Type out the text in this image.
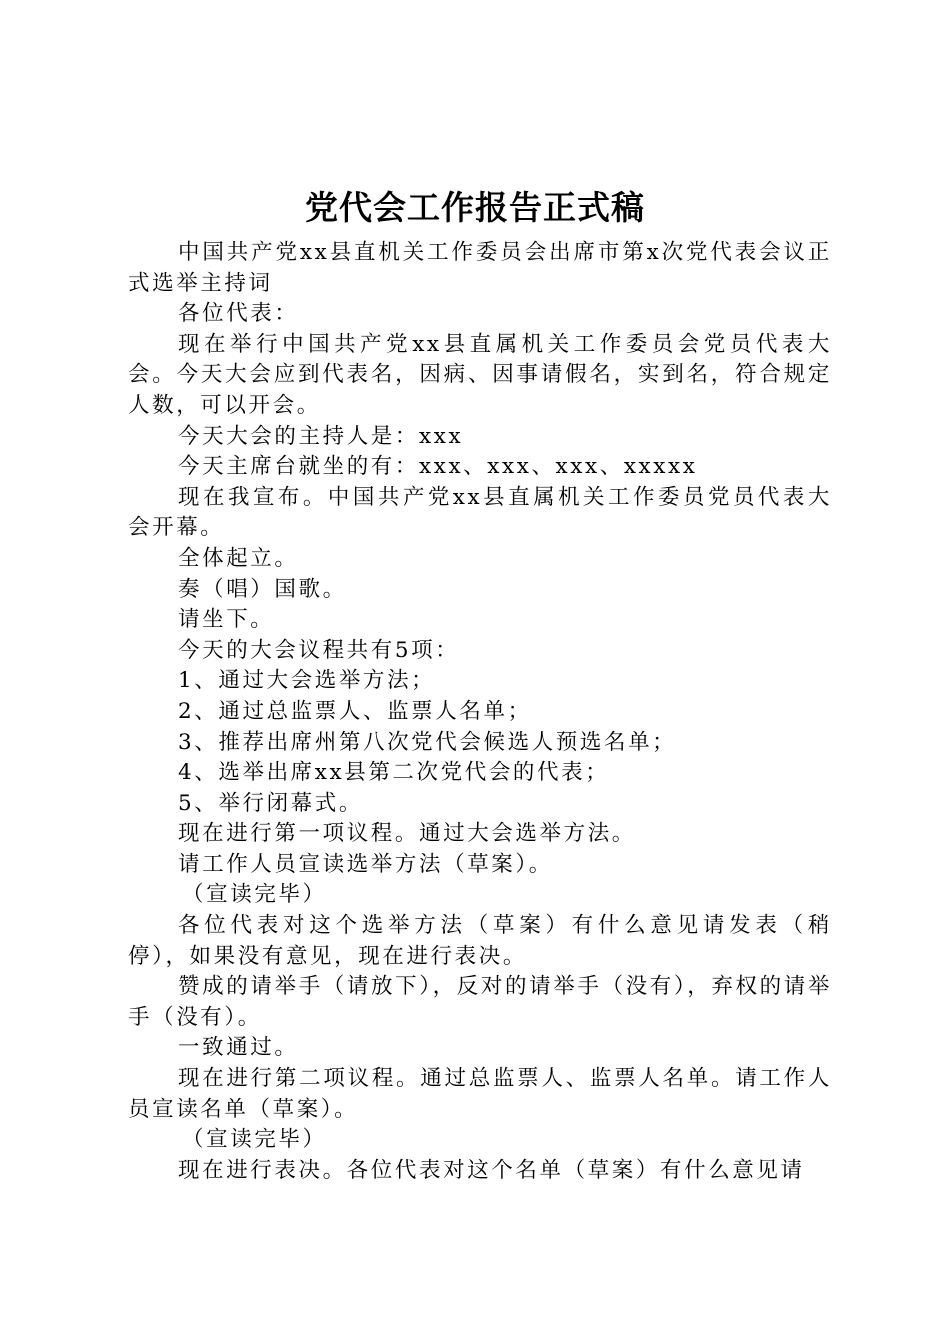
党代会工作报告正式稿

中国共产党xx县直机关工作委员会出席市第x次党代表会议正式选举主持词

各位代表：

现在举行中国共产党xx县直属机关工作委员会党员代表大会。今天大会应到代表名，因病、因事请假名，实到名，符合规定人数，可以开会。

今天大会的主持人是：xxx

今天主席台就坐的有：xxx、xxx、xxx、xxxxx

现在我宣布。中国共产党xx县直属机关工作委员党员代表大会开幕。

全体起立。

奏（唱）国歌。

请坐下。

今天的大会议程共有5项：

1、通过大会选举方法；

2、通过总监票人、监票人名单；

3、推荐出席州第八次党代会候选人预选名单；

4、选举出席xx县第二次党代会的代表；

5、举行闭幕式。

现在进行第一项议程。通过大会选举方法。

请工作人员宣读选举方法（草案）。

（宣读完毕）

各位代表对这个选举方法（草案）有什么意见请发表（稍停），如果没有意见，现在进行表决。

赞成的请举手（请放下），反对的请举手（没有），弃权的请举手（没有）。

一致通过。

现在进行第二项议程。通过总监票人、监票人名单。请工作人员宣读名单（草案）。

（宣读完毕）

现在进行表决。各位代表对这个名单（草案）有什么意见请
